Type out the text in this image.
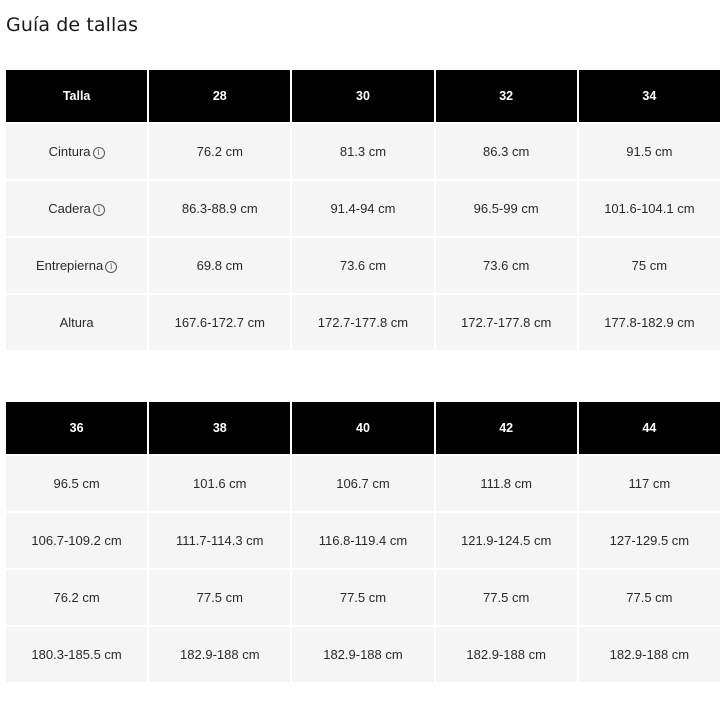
Guía de tallas
Talla	28	30	32	34
Cintura i	76.2 cm	81.3 cm	86.3 cm	91.5 cm
Cadera i	86.3-88.9 cm	91.4-94 cm	96.5-99 cm	101.6-104.1 cm
Entrepierna i	69.8 cm	73.6 cm	73.6 cm	75 cm
Altura	167.6-172.7 cm	172.7-177.8 cm	172.7-177.8 cm	177.8-182.9 cm
36	38	40	42	44
96.5 cm	101.6 cm	106.7 cm	111.8 cm	117 cm
106.7-109.2 cm	111.7-114.3 cm	116.8-119.4 cm	121.9-124.5 cm	127-129.5 cm
76.2 cm	77.5 cm	77.5 cm	77.5 cm	77.5 cm
180.3-185.5 cm	182.9-188 cm	182.9-188 cm	182.9-188 cm	182.9-188 cm
